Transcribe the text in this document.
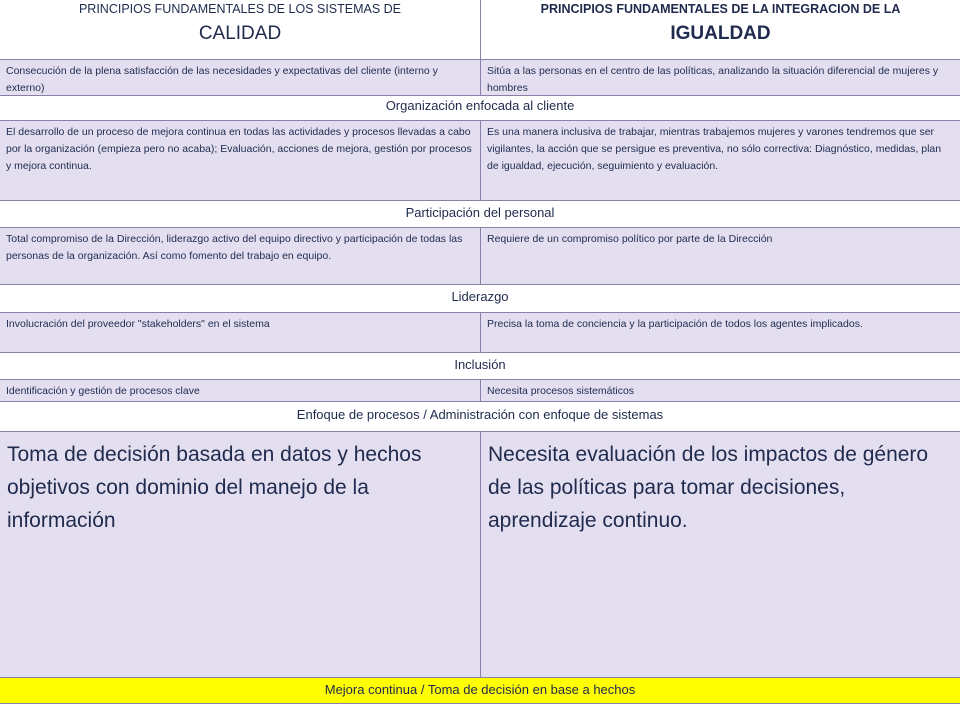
PRINCIPIOS FUNDAMENTALES DE LOS SISTEMAS DE
CALIDAD
PRINCIPIOS FUNDAMENTALES DE LA INTEGRACION DE LA
IGUALDAD
Consecución de la plena satisfacción de las necesidades y expectativas del cliente (interno y externo)
Sitúa a las personas en el centro de las políticas, analizando la situación diferencial de mujeres y hombres
Organización enfocada al cliente
El desarrollo de un proceso de mejora continua en todas las actividades y procesos llevadas a cabo por la organización (empieza pero no acaba); Evaluación, acciones de mejora, gestión por procesos y mejora continua.
Es una manera inclusiva de trabajar, mientras trabajemos mujeres y varones tendremos que ser vigilantes, la acción que se persigue es preventiva, no sólo correctiva: Diagnóstico, medidas, plan de igualdad, ejecución, seguimiento y evaluación.
Participación del personal
Total compromiso de la Dirección, liderazgo activo del equipo directivo y participación de todas las personas de la organización. Así como fomento del trabajo en equipo.
Requiere de un compromiso político por parte de la Dirección
Liderazgo
Involucración del proveedor "stakeholders" en el sistema	Precisa la toma de conciencia y la participación de todos los agentes implicados.
Inclusión
Identificación y gestión de procesos clave	Necesita procesos sistemáticos
Enfoque de procesos / Administración con enfoque de sistemas
Toma de decisión basada en datos y hechos objetivos con dominio del manejo de la información
Necesita evaluación de los impactos de género de las políticas para tomar decisiones, aprendizaje continuo.
Mejora continua / Toma de decisión en base a hechos
